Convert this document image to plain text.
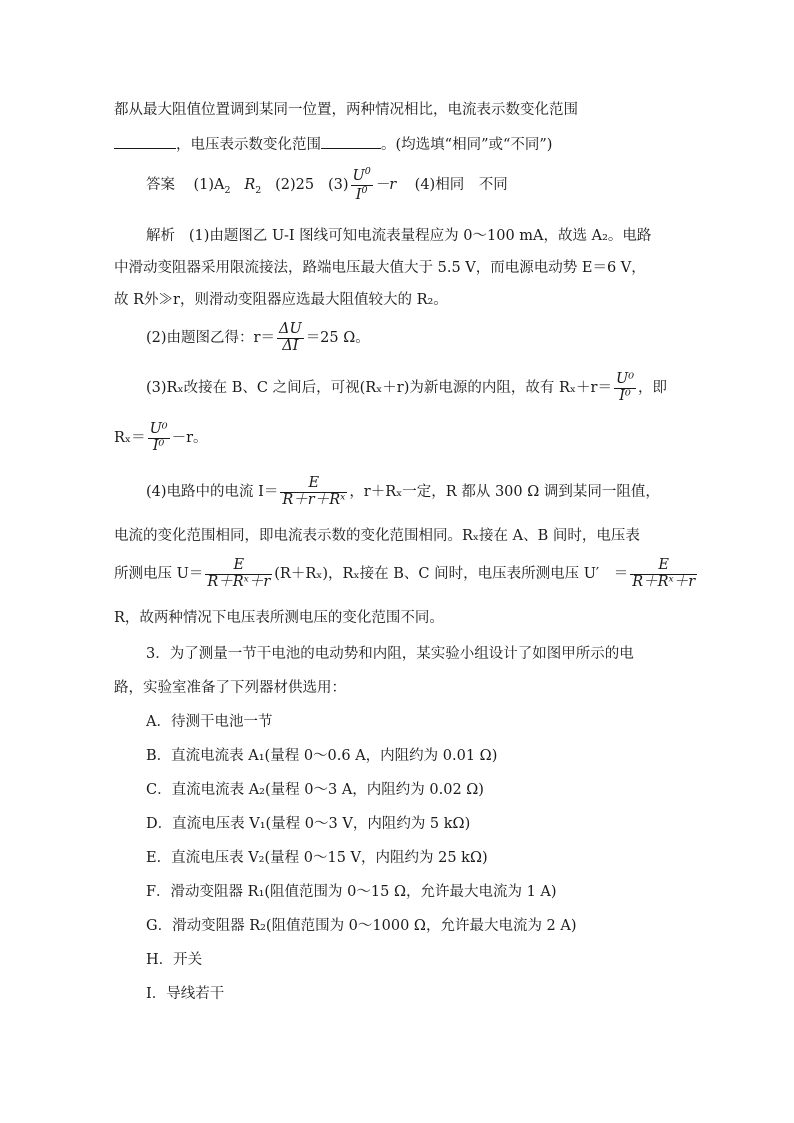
都从最大阻值位置调到某同一位置，两种情况相比，电流表示数变化范围
，电压表示数变化范围	。(均选填“相同”或“不同”)
答案 $(1)A_2$ $R_2$ (2)25 $(3) \frac{U^0}{I^0} -r$ (4)相同　不同
解析 (1)由题图乙 U-I 图线可知电流表量程应为 0～100 mA，故选 A₂。电路
中滑动变阻器采用限流接法，路端电压最大值大于 5.5 V，而电源电动势 E＝6 V，
故 R外≫r，则滑动变阻器应选最大阻值较大的 R₂。
(2)由题图乙得：$r= \frac{\Delta U}{\Delta I} =25$ Ω。
(3)Rₓ改接在 B、C 之间后，可视(Rₓ＋r)为新电源的内阻，故有 $R_x+r= \frac{\text{U⁰}}{\text{I⁰}}$ ，即
$R_x= \frac{\text{U⁰}}{\text{I⁰}} -r$。
(4)电路中的电流 $I= \frac{E}{\text{R＋r＋Rˣ}}$ ，r＋Rₓ一定，R 都从 300 Ω 调到某同一阻值，
电流的变化范围相同，即电流表示数的变化范围相同。Rₓ接在 A、B 间时，电压表
所测电压 $U= \frac{E}{\text{R＋Rˣ＋r}} (R+R_x)$，Rₓ接在 B、C 间时，电压表所测电压 U′　＝ $\frac{E}{\text{R＋Rˣ＋r}}$
R，故两种情况下电压表所测电压的变化范围不同。
3．为了测量一节干电池的电动势和内阻，某实验小组设计了如图甲所示的电
路，实验室准备了下列器材供选用：
A．待测干电池一节
B．直流电流表 A₁(量程 0～0.6 A，内阻约为 0.01 Ω)
C．直流电流表 A₂(量程 0～3 A，内阻约为 0.02 Ω)
D．直流电压表 V₁(量程 0～3 V，内阻约为 5 kΩ)
E．直流电压表 V₂(量程 0～15 V，内阻约为 25 kΩ)
F．滑动变阻器 R₁(阻值范围为 0～15 Ω，允许最大电流为 1 A)
G．滑动变阻器 R₂(阻值范围为 0～1000 Ω，允许最大电流为 2 A)
H．开关
I．导线若干
